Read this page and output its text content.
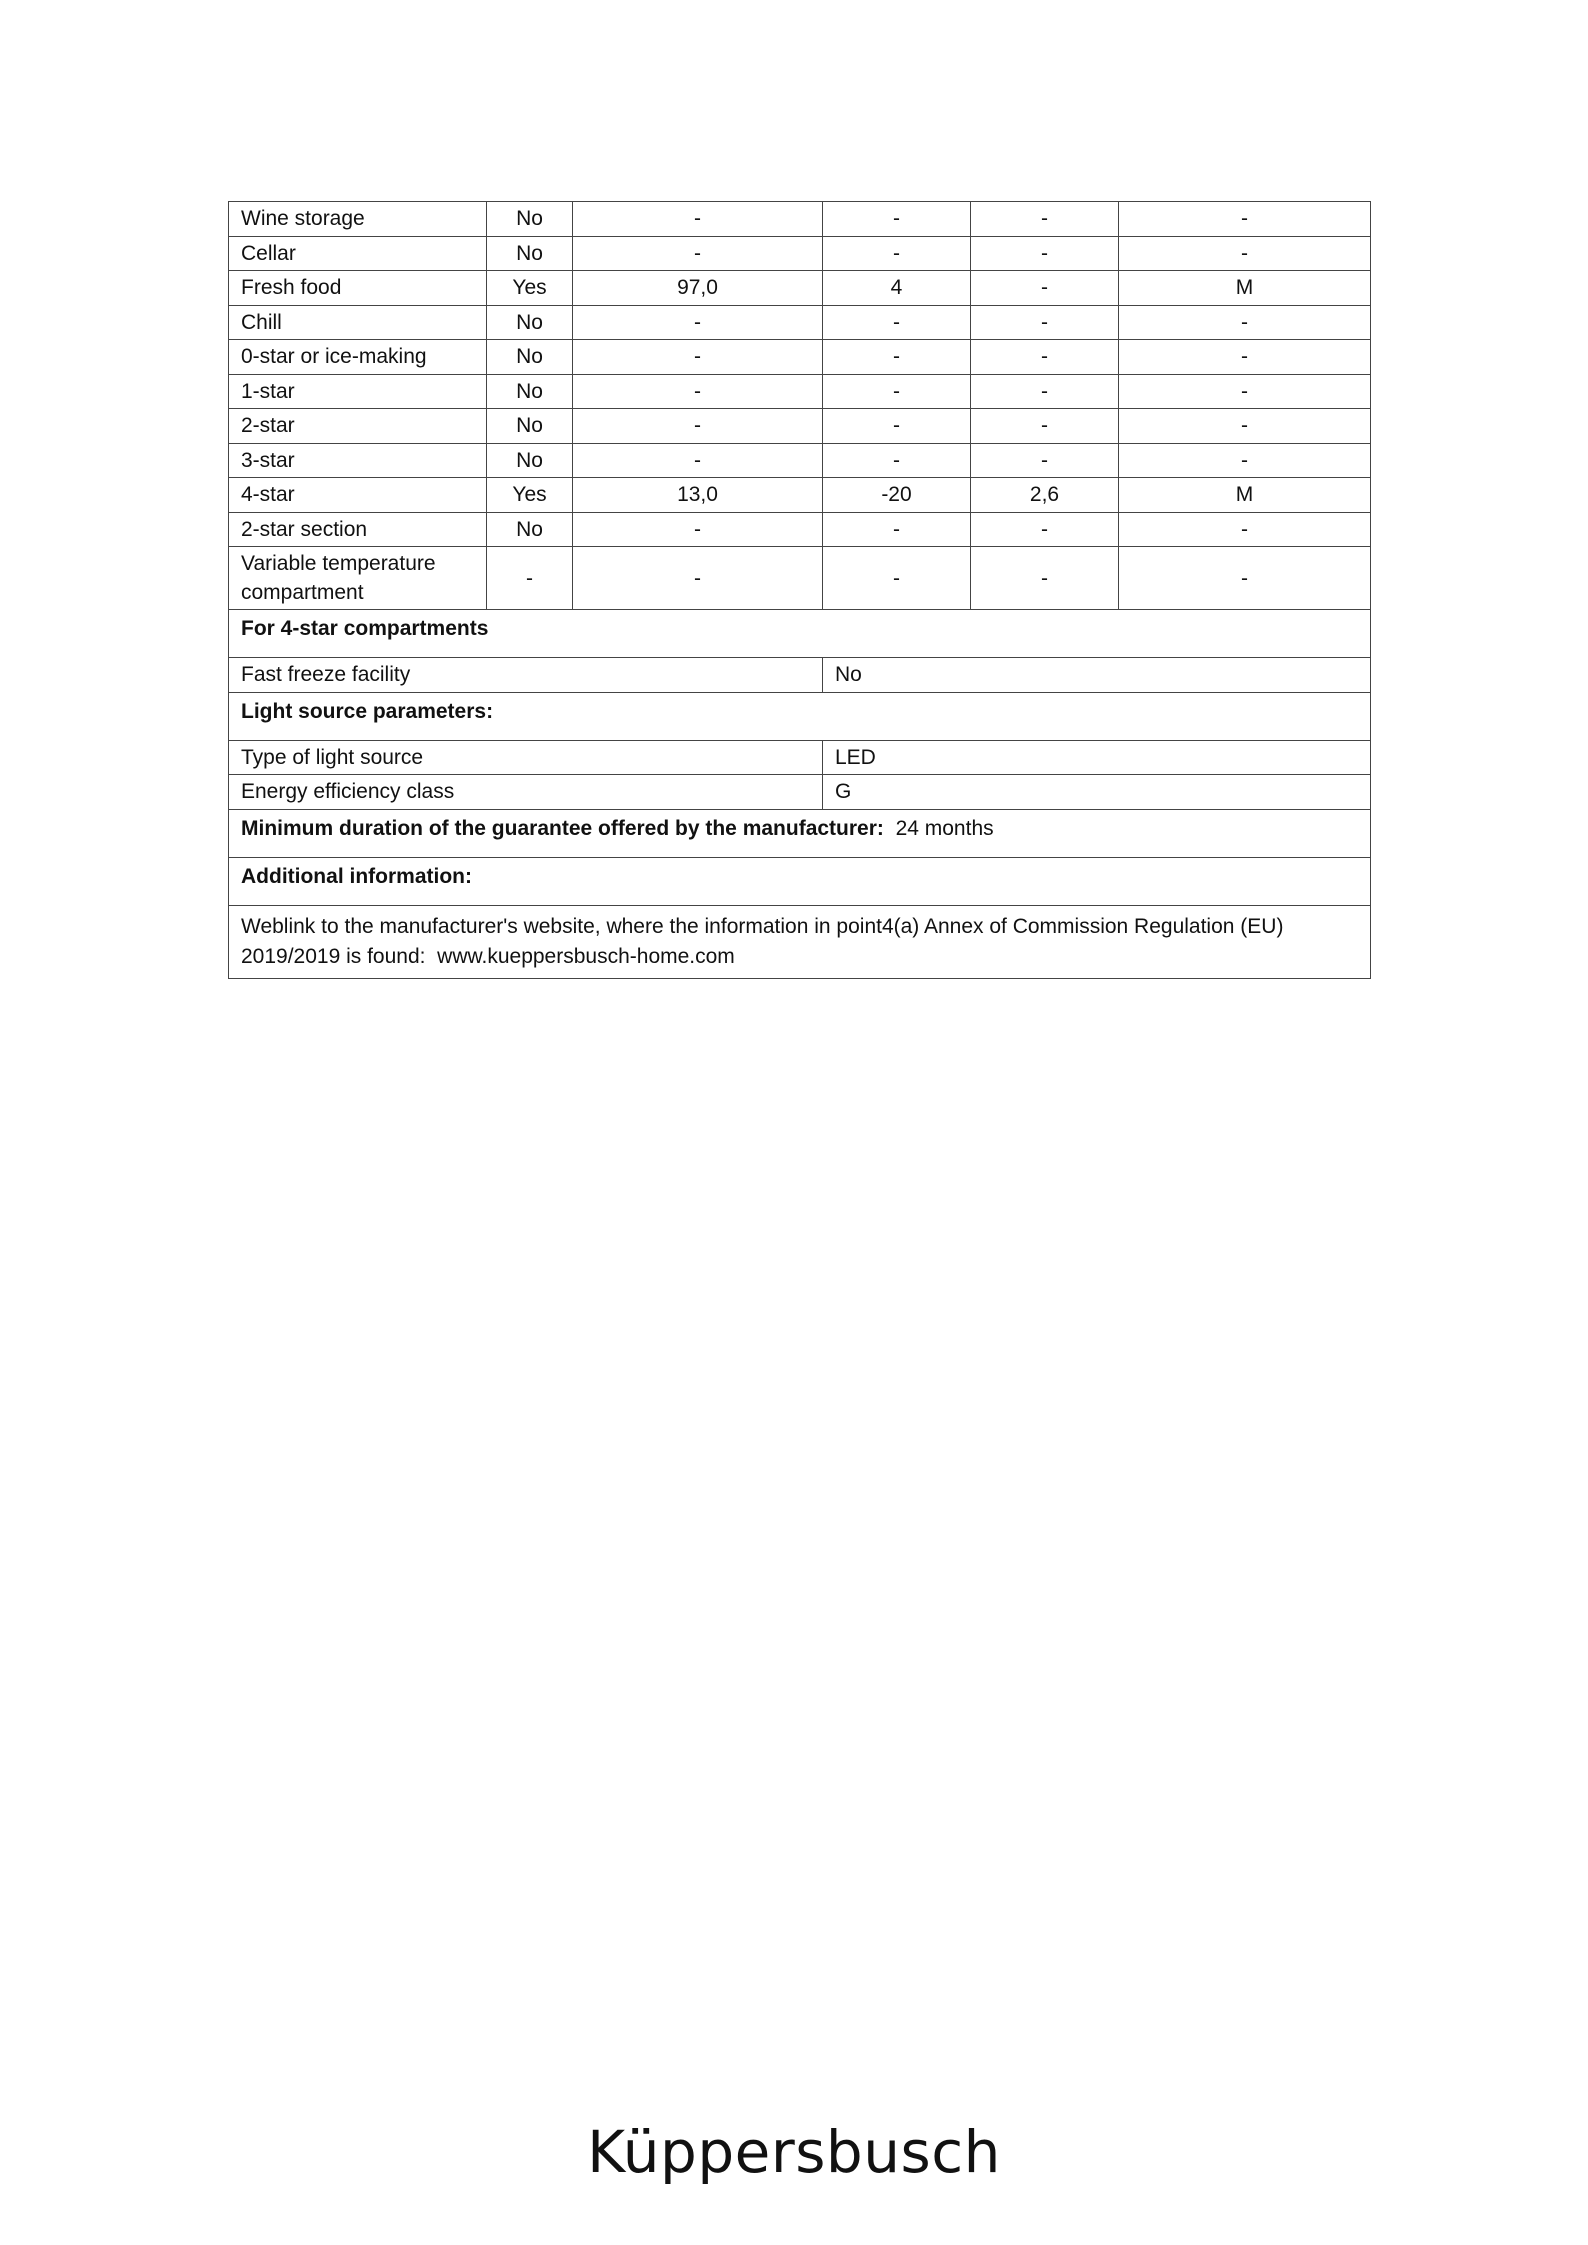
Wine storage	No	-	-	-	-
Cellar	No	-	-	-	-
Fresh food	Yes	97,0	4	-	M
Chill	No	-	-	-	-
0-star or ice-making	No	-	-	-	-
1-star	No	-	-	-	-
2-star	No	-	-	-	-
3-star	No	-	-	-	-
4-star	Yes	13,0	-20	2,6	M
2-star section	No	-	-	-	-
Variable temperature compartment	-	-	-	-	-
For 4-star compartments					
Fast freeze facility			No		
Light source parameters:					
Type of light source			LED		
Energy efficiency class			G		
Minimum duration of the guarantee offered by the manufacturer: 24 months					
Additional information:					
Weblink to the manufacturer's website, where the information in point4(a) Annex of Commission Regulation (EU) 2019/2019 is found: www.kueppersbusch-home.com					
Küppersbusch
